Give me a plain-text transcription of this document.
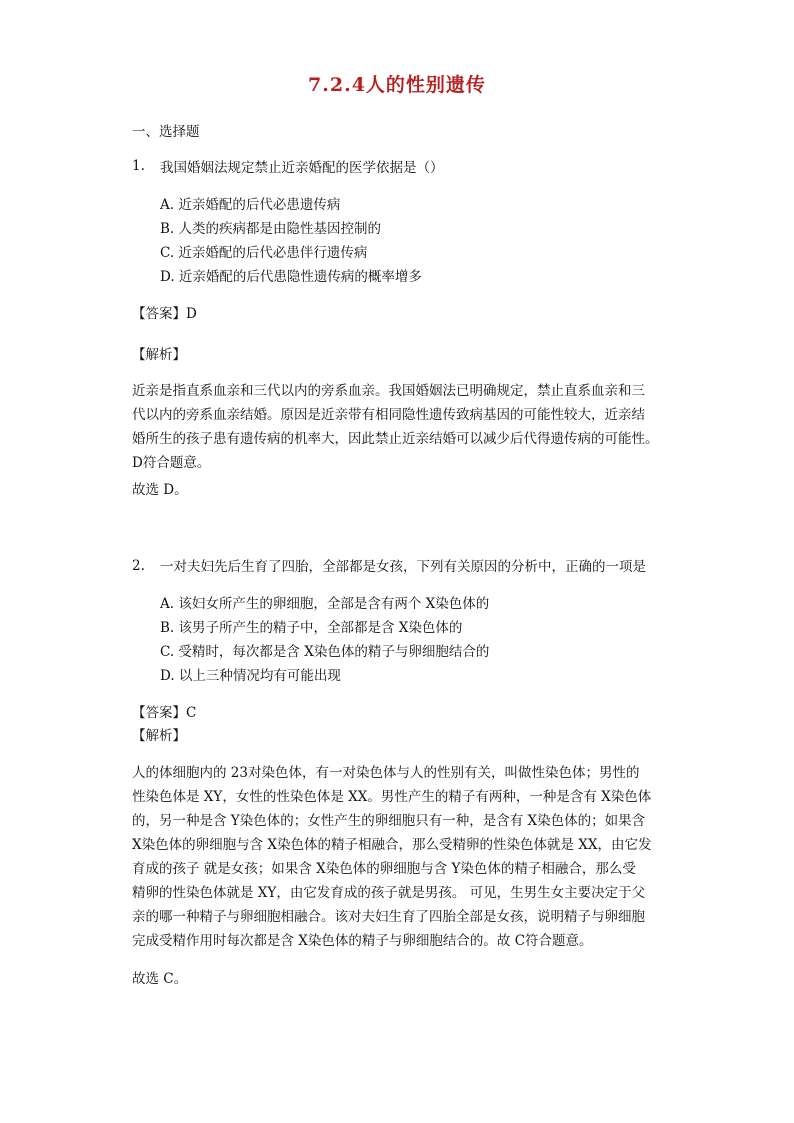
7.2.4人的性别遗传
一、选择题
1. 我国婚姻法规定禁止近亲婚配的医学依据是（）
A. 近亲婚配的后代必患遗传病
B. 人类的疾病都是由隐性基因控制的
C. 近亲婚配的后代必患伴行遗传病
D. 近亲婚配的后代患隐性遗传病的概率增多
【答案】D
【解析】
近亲是指直系血亲和三代以内的旁系血亲。我国婚姻法已明确规定，禁止直系血亲和三
代以内的旁系血亲结婚。原因是近亲带有相同隐性遗传致病基因的可能性较大，近亲结
婚所生的孩子患有遗传病的机率大，因此禁止近亲结婚可以减少后代得遗传病的可能性。
D符合题意。
故选 D。
2. 一对夫妇先后生育了四胎，全部都是女孩，下列有关原因的分析中，正确的一项是
A. 该妇女所产生的卵细胞，全部是含有两个 X染色体的
B. 该男子所产生的精子中，全部都是含 X染色体的
C. 受精时，每次都是含 X染色体的精子与卵细胞结合的
D. 以上三种情况均有可能出现
【答案】C
【解析】
人的体细胞内的 23对染色体，有一对染色体与人的性别有关，叫做性染色体；男性的
性染色体是 XY，女性的性染色体是 XX。男性产生的精子有两种，一种是含有 X染色体
的，另一种是含 Y染色体的；女性产生的卵细胞只有一种，是含有 X染色体的；如果含
X染色体的卵细胞与含 X染色体的精子相融合，那么受精卵的性染色体就是 XX，由它发
育成的孩子 就是女孩；如果含 X染色体的卵细胞与含 Y染色体的精子相融合，那么受
精卵的性染色体就是 XY，由它发育成的孩子就是男孩。 可见，生男生女主要决定于父
亲的哪一种精子与卵细胞相融合。该对夫妇生育了四胎全部是女孩，说明精子与卵细胞
完成受精作用时每次都是含 X染色体的精子与卵细胞结合的。故 C符合题意。
故选 C。
